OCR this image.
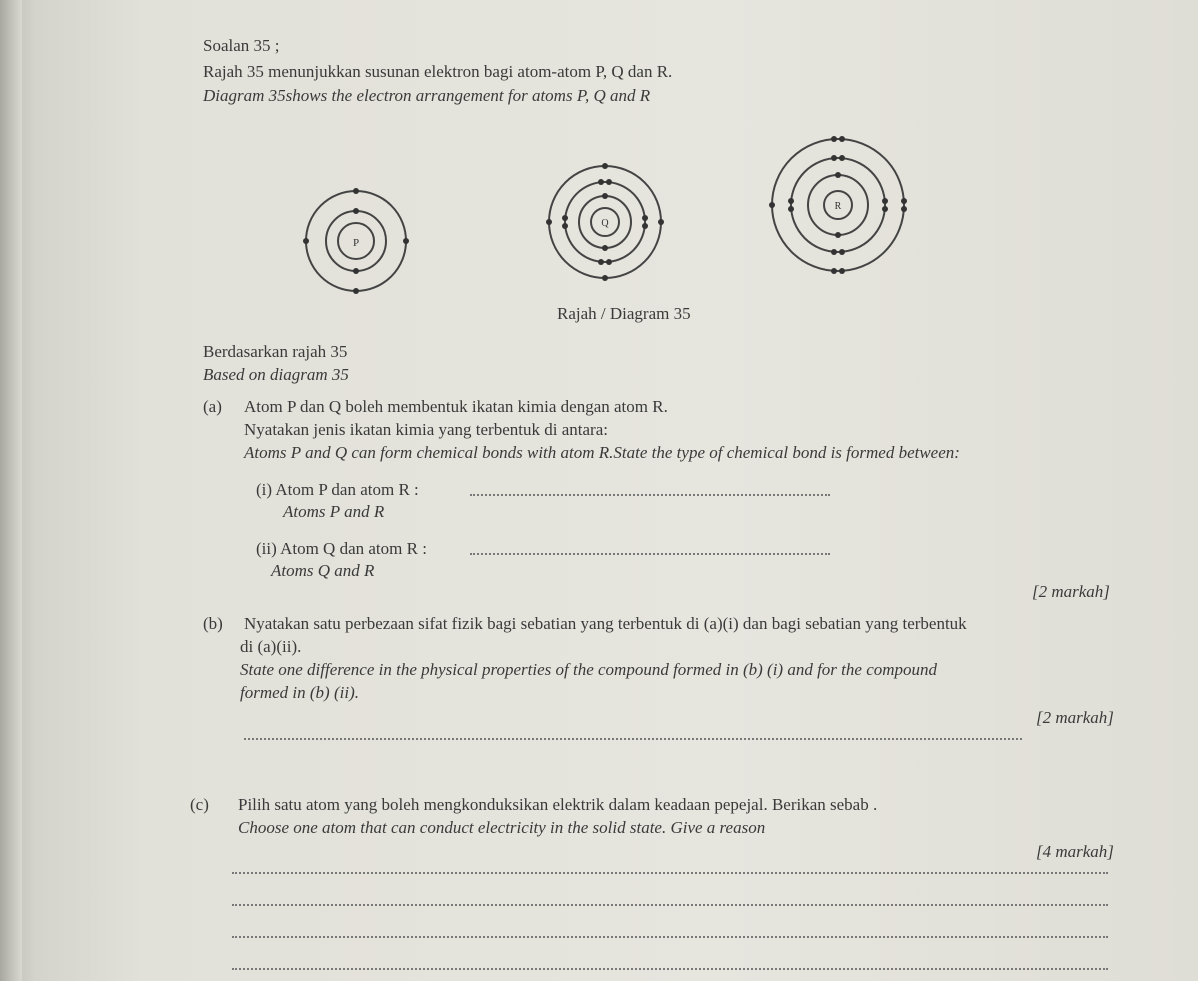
Soalan 35 ;
Rajah 35 menunjukkan susunan elektron bagi atom-atom P, Q dan R.
Diagram 35shows the electron arrangement for atoms P, Q and R
P
Q
R
Rajah / Diagram 35
Berdasarkan rajah 35
Based on diagram 35
(a) Atom P dan Q boleh membentuk ikatan kimia dengan atom R.
Nyatakan jenis ikatan kimia yang terbentuk di antara:
Atoms P and Q can form chemical bonds with atom R.State the type of chemical bond is formed between:
(i) Atom P dan atom R :
Atoms P and R
(ii) Atom Q dan atom R :
Atoms Q and R
[2 markah]
(b) Nyatakan satu perbezaan sifat fizik bagi sebatian yang terbentuk di (a)(i) dan bagi sebatian yang terbentuk
di (a)(ii).
State one difference in the physical properties of the compound formed in (b) (i) and for the compound
formed in (b) (ii).
[2 markah]
(c) Pilih satu atom yang boleh mengkonduksikan elektrik dalam keadaan pepejal. Berikan sebab .
Choose one atom that can conduct electricity in the solid state. Give a reason
[4 markah]
